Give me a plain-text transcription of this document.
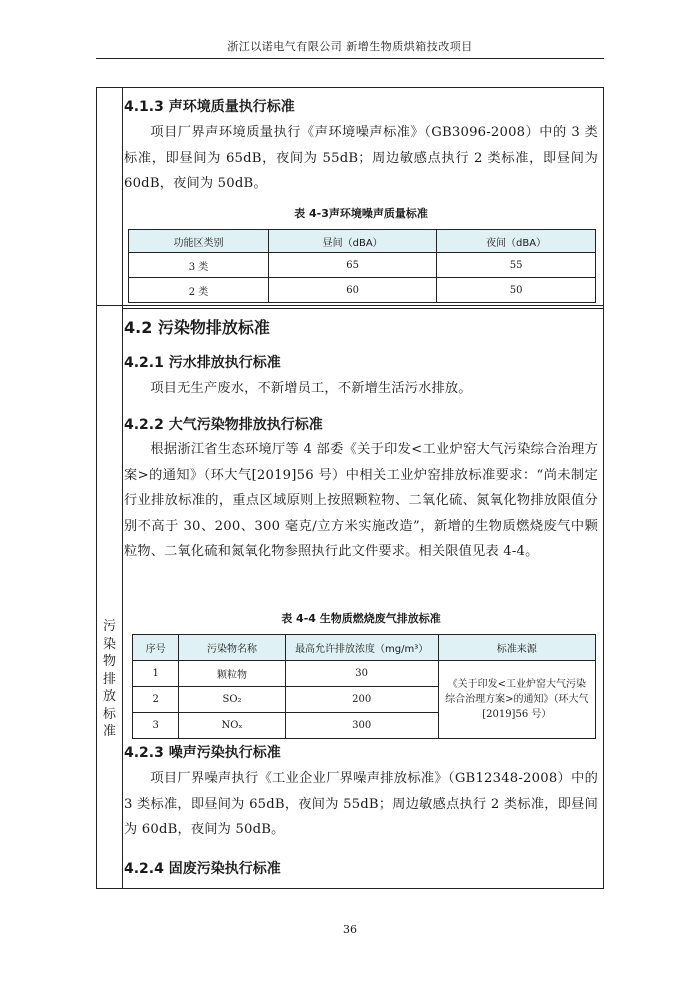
浙江以诺电气有限公司 新增生物质烘箱技改项目
污
染
物
排
放
标
准
4.1.3 声环境质量执行标准
项目厂界声环境质量执行《声环境噪声标准》（GB3096-2008）中的 3 类标准，即昼间为 65dB，夜间为 55dB；周边敏感点执行 2 类标准，即昼间为 60dB，夜间为 50dB。
表 4-3声环境噪声质量标准
功能区类别	昼间（dBA）	夜间（dBA）
3 类	65	55
2 类	60	50
4.2 污染物排放标准
4.2.1 污水排放执行标准
项目无生产废水，不新增员工，不新增生活污水排放。
4.2.2 大气污染物排放执行标准
根据浙江省生态环境厅等 4 部委《关于印发<工业炉窑大气污染综合治理方案>的通知》（环大气[2019]56 号）中相关工业炉窑排放标准要求：“尚未制定行业排放标准的，重点区域原则上按照颗粒物、二氧化硫、氮氧化物排放限值分别不高于 30、200、300 毫克/立方米实施改造”，新增的生物质燃烧废气中颗粒物、二氧化硫和氮氧化物参照执行此文件要求。相关限值见表 4-4。
表 4-4 生物质燃烧废气排放标准
序号	污染物名称	最高允许排放浓度（mg/m³）	标准来源
1	颗粒物	30	《关于印发<工业炉窑大气污染综合治理方案>的通知》（环大气[2019]56 号）
2	SO₂	200	
3	NOₓ	300	
4.2.3 噪声污染执行标准
项目厂界噪声执行《工业企业厂界噪声排放标准》（GB12348-2008）中的 3 类标准，即昼间为 65dB，夜间为 55dB；周边敏感点执行 2 类标准，即昼间为 60dB，夜间为 50dB。
4.2.4 固废污染执行标准
36
